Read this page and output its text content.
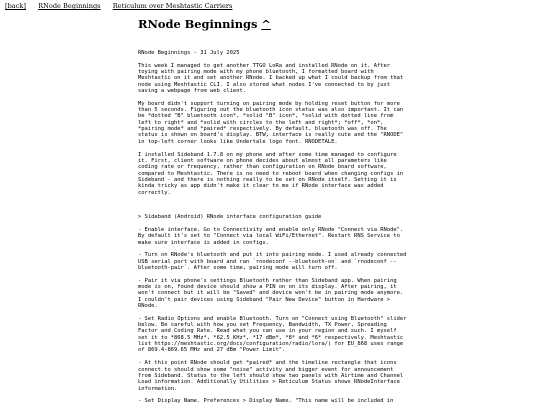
[back] RNode Beginnings Reticulum over Meshtastic Carriers
RNode Beginnings ^

RNode Beginnings - 31 July 2025

This week I managed to get another TTGO LoRa and installed RNode on it. After toying with pairing mode with my phone bluetooth, I formatted board with Meshtastic on it and set another RNode. I backed up what I could backup from that node using Meshtastic CLI. I also stored what nodes I've connected to by just saving a webpage from web client.

My board didn't support turning on pairing mode by holding reset button for more than 5 seconds. Figuring out the bluetooth icon status was also important. It can be *dotted "B" bluetooth icon*, *solid "B" icon*, *solid with dotted line from left to right* and *solid with circles to the left and right*; *off*, *on*, *pairing mode* and *paired* respectively. By default, bluetooth was off. The status is shown on board's display. BTW, interface is really cute and the "RNODE" in top-left corner looks like Undertale logo font. RNODETALE.

I installed Sideband 1.7.8 on my phone and after some time managed to configure it. First, client software on phone decides about almost all parameters like coding rate or frequency, rather than configuration on RNode board software, compared to Meshtastic. There is no need to reboot board when changing configs in Sideband - and there is nothing really to be set on RNode itself. Setting it is kinda tricky as app didn't make it clear to me if RNode interface was added correctly.

> Sideband (Android) RNode interface configuration guide

- Enable interface. Go to Connectivity and enable only RNode "Connect via RNode". By default it's set to "Connect via local WiFi/Ethernet". Restart RNS Service to make sure interface is added in configs.

- Turn on RNode's bluetooth and put it into pairing mode. I used already connected USB serial port with board and ran `rnodeconf --bluetooth-on` and `rnodeconf --bluetooth-pair`. After some time, pairing mode will turn off.

- Pair it via phone's settings Bluetooth rather than Sideband app. When pairing mode is on, found device should show a PIN on on its display. After pairing, it won't connect but it will be "Saved" and device won't be in pairing mode anymore. I couldn't pair devices using Sideband "Pair New Device" button in Hardware > RNode.

- Set Radio Options and enable Bluetooth. Turn on "Connect using Bluetooth" slider below. Be careful with how you set Frequency, Bandwidth, TX Power, Spreading Factor and Coding Rate. Read what you can use in your region and such. I myself set it to *868.5 MHz*, *62.5 KHz*, *17 dBm*, *8* and *6* respectively. Meshtastic list https://meshtastic.org/docs/configuration/radio/lora/) for EU_868 uses range of 869.4-869.65 MHz and 27 dBm "Power Limit".

- At this point RNode should get *paired* and the timeline rectangle that icons connect to should show some "noise" activity and bigger event for announcement from Sideband. Status to the left should show two panels with Airtime and Channel Load information. Additionally Utilities > Reticulum Status shows RNodeInterface information.

- Set Display Name. Preferences > Display Name. "This name will be included in
